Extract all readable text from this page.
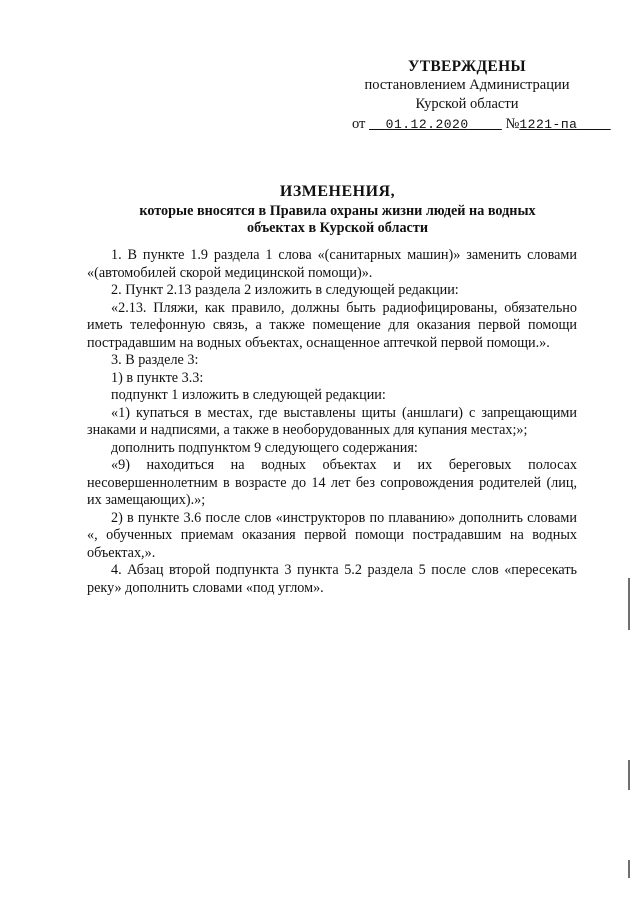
УТВЕРЖДЕНЫ
постановлением Администрации
Курской области
от 01.12.2020	№1221-па
ИЗМЕНЕНИЯ,
которые вносятся в Правила охраны жизни людей на водных
объектах в Курской области

1. В пункте 1.9 раздела 1 слова «(санитарных машин)» заменить словами «(автомобилей скорой медицинской помощи)».

2. Пункт 2.13 раздела 2 изложить в следующей редакции:

«2.13. Пляжи, как правило, должны быть радиофицированы, обязательно иметь телефонную связь, а также помещение для оказания первой помощи пострадавшим на водных объектах, оснащенное аптечкой первой помощи.».

3. В разделе 3:

1) в пункте 3.3:

подпункт 1 изложить в следующей редакции:

«1) купаться в местах, где выставлены щиты (аншлаги) с запрещающими знаками и надписями, а также в необорудованных для купания местах;»;

дополнить подпунктом 9 следующего содержания:

«9) находиться на водных объектах и их береговых полосах несовершеннолетним в возрасте до 14 лет без сопровождения родителей (лиц, их замещающих).»;

2) в пункте 3.6 после слов «инструкторов по плаванию» дополнить словами «, обученных приемам оказания первой помощи пострадавшим на водных объектах,».

4. Абзац второй подпункта 3 пункта 5.2 раздела 5 после слов «пересекать реку» дополнить словами «под углом».
